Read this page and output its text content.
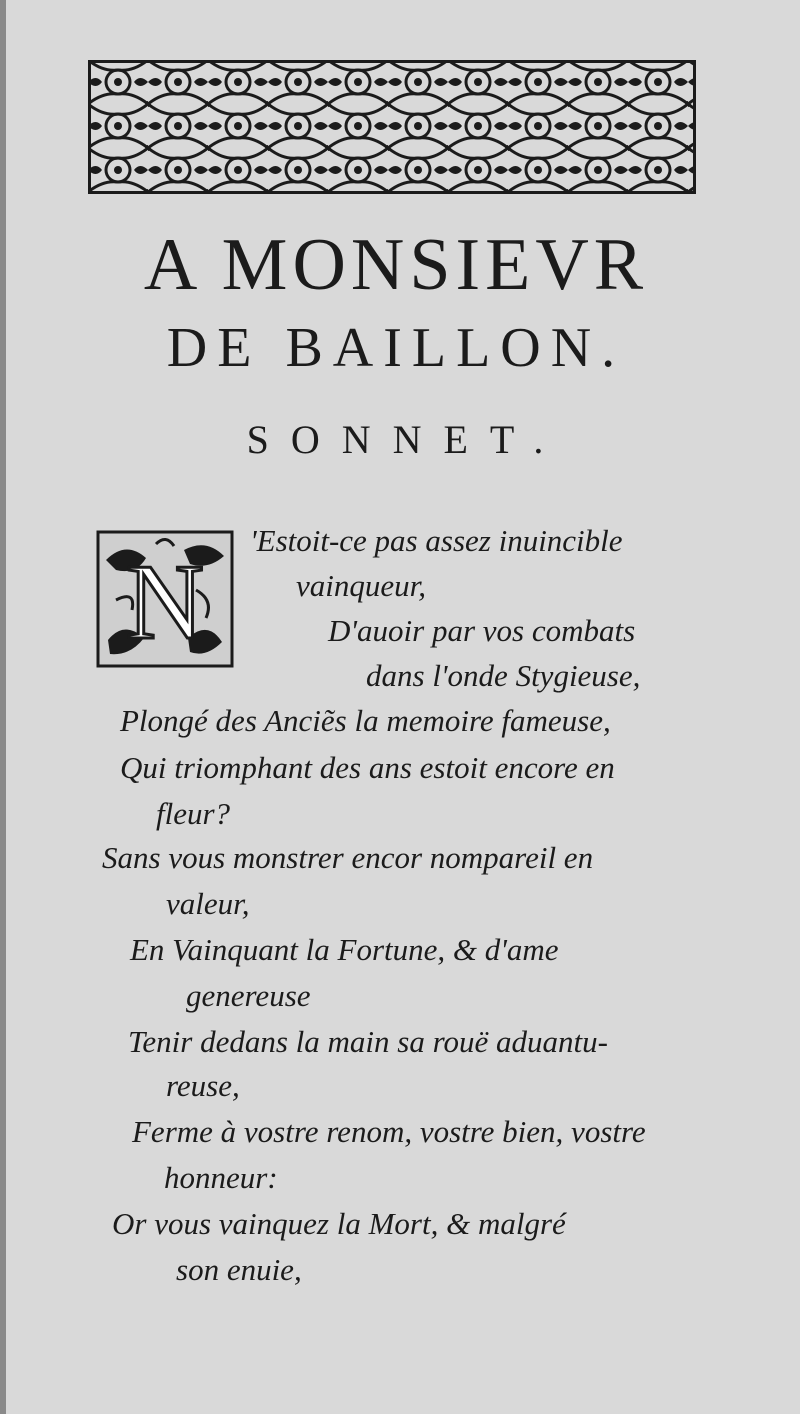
A MONSIEVR
DE BAILLON.
SONNET.
N
'Estoit-ce pas assez inuincible
vainqueur,
D'auoir par vos combats
dans l'onde Stygieuse,
Plongé des Anciẽs la memoire fameuse,
Qui triomphant des ans estoit encore en
fleur?
Sans vous monstrer encor nompareil en
valeur,
En Vainquant la Fortune, & d'ame
genereuse
Tenir dedans la main sa rouë aduantu-
reuse,
Ferme à vostre renom, vostre bien, vostre
honneur:
Or vous vainquez la Mort, & malgré
son enuie,
